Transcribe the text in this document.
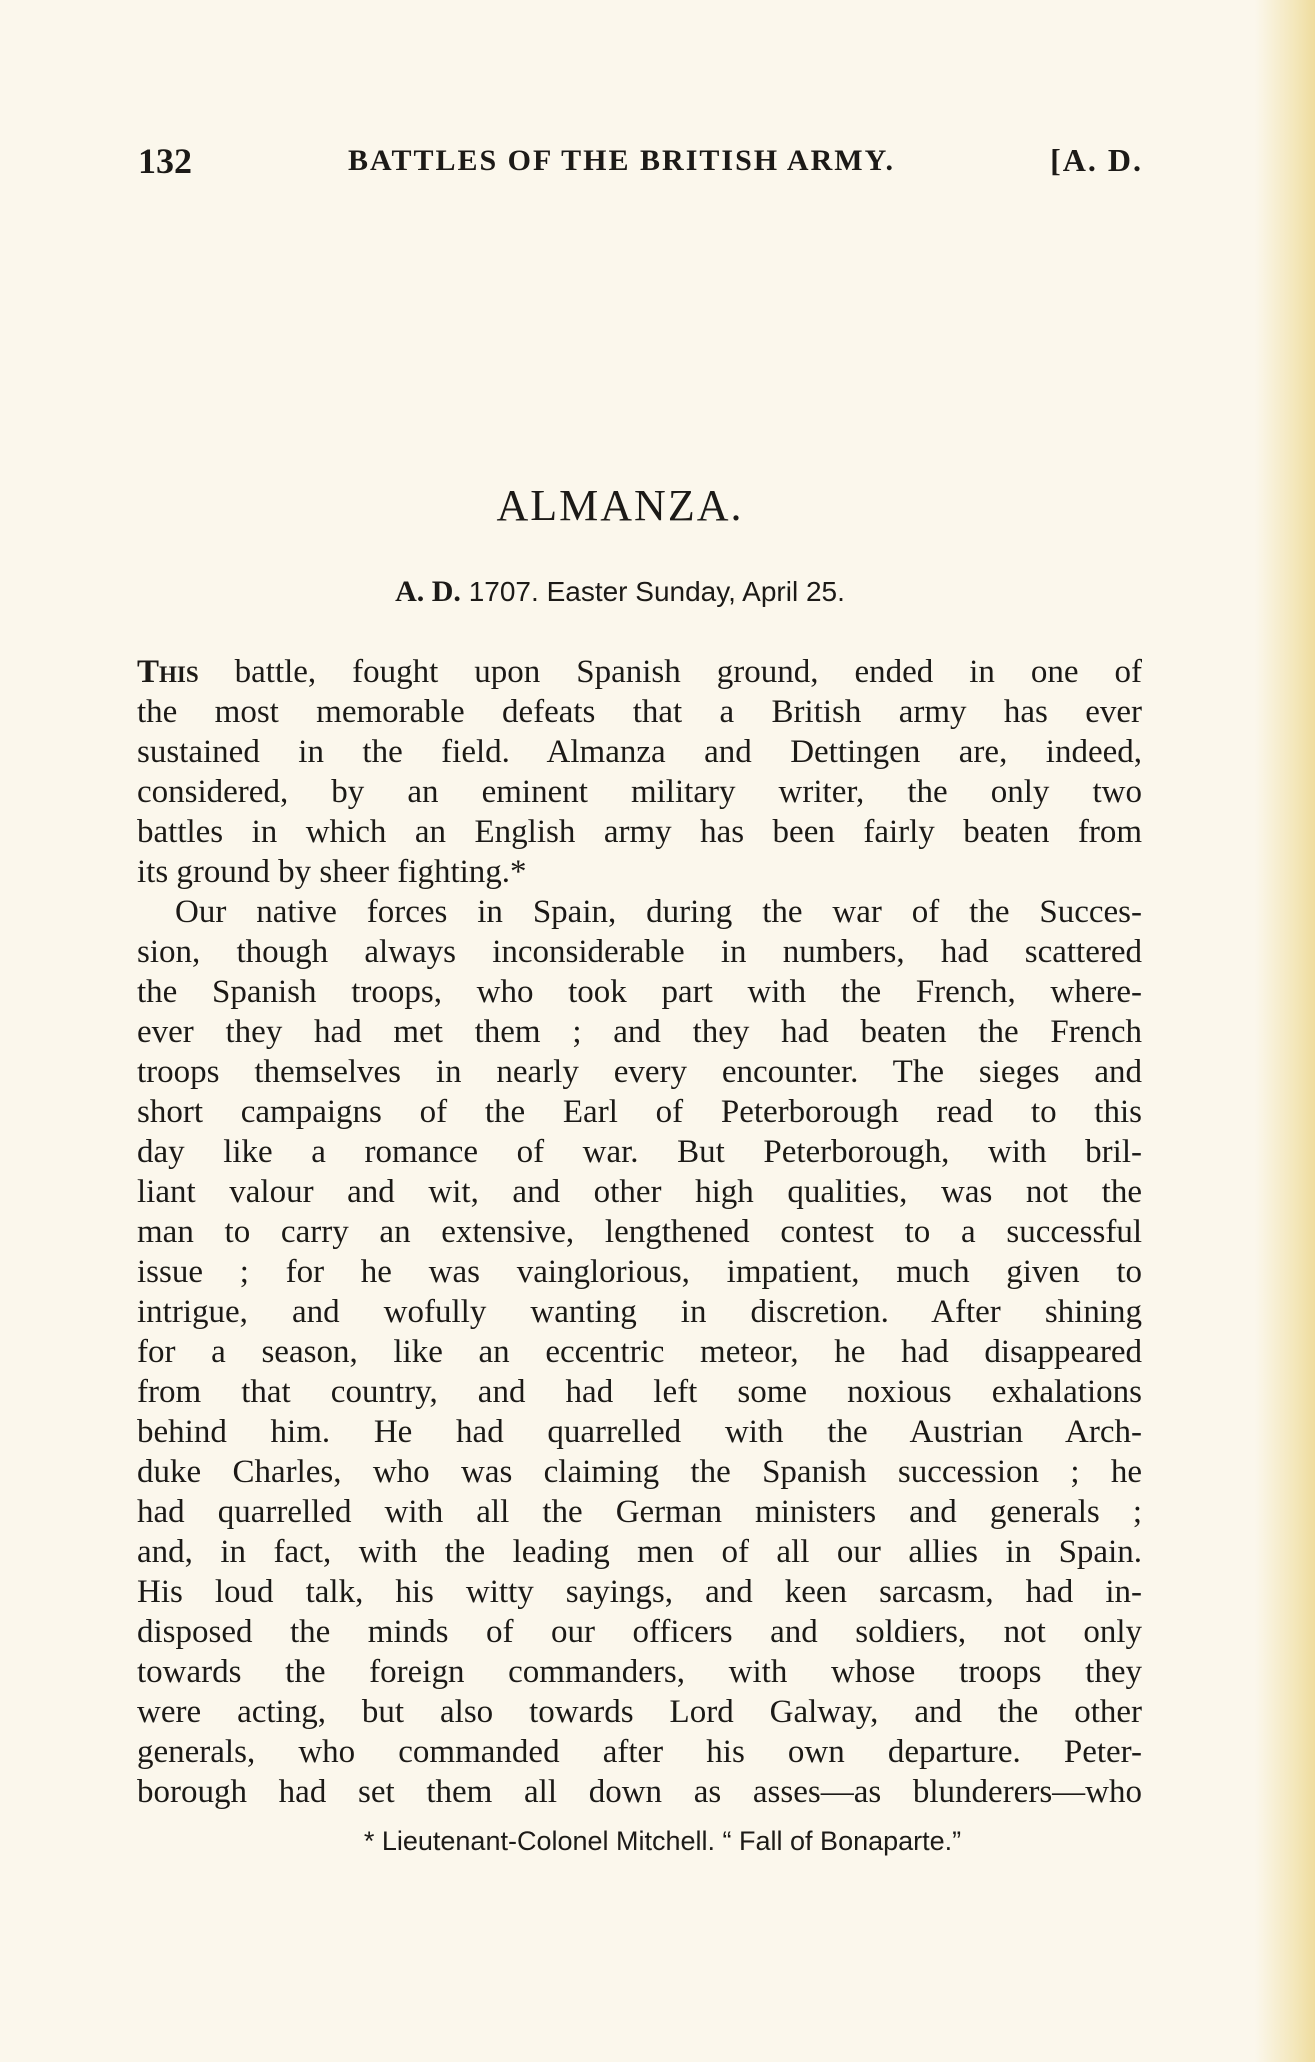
132	BATTLES OF THE BRITISH ARMY.	[A. D.
ALMANZA.
A. D. 1707. Easter Sunday, April 25.
This battle, fought upon Spanish ground, ended in one of
the most memorable defeats that a British army has ever
sustained in the field. Almanza and Dettingen are, indeed,
considered, by an eminent military writer, the only two
battles in which an English army has been fairly beaten from
its ground by sheer fighting.*
Our native forces in Spain, during the war of the Succes-
sion, though always inconsiderable in numbers, had scattered
the Spanish troops, who took part with the French, where-
ever they had met them ; and they had beaten the French
troops themselves in nearly every encounter. The sieges and
short campaigns of the Earl of Peterborough read to this
day like a romance of war. But Peterborough, with bril-
liant valour and wit, and other high qualities, was not the
man to carry an extensive, lengthened contest to a successful
issue ; for he was vainglorious, impatient, much given to
intrigue, and wofully wanting in discretion. After shining
for a season, like an eccentric meteor, he had disappeared
from that country, and had left some noxious exhalations
behind him. He had quarrelled with the Austrian Arch-
duke Charles, who was claiming the Spanish succession ; he
had quarrelled with all the German ministers and generals ;
and, in fact, with the leading men of all our allies in Spain.
His loud talk, his witty sayings, and keen sarcasm, had in-
disposed the minds of our officers and soldiers, not only
towards the foreign commanders, with whose troops they
were acting, but also towards Lord Galway, and the other
generals, who commanded after his own departure. Peter-
borough had set them all down as asses—as blunderers—who
* Lieutenant-Colonel Mitchell. “ Fall of Bonaparte.”
